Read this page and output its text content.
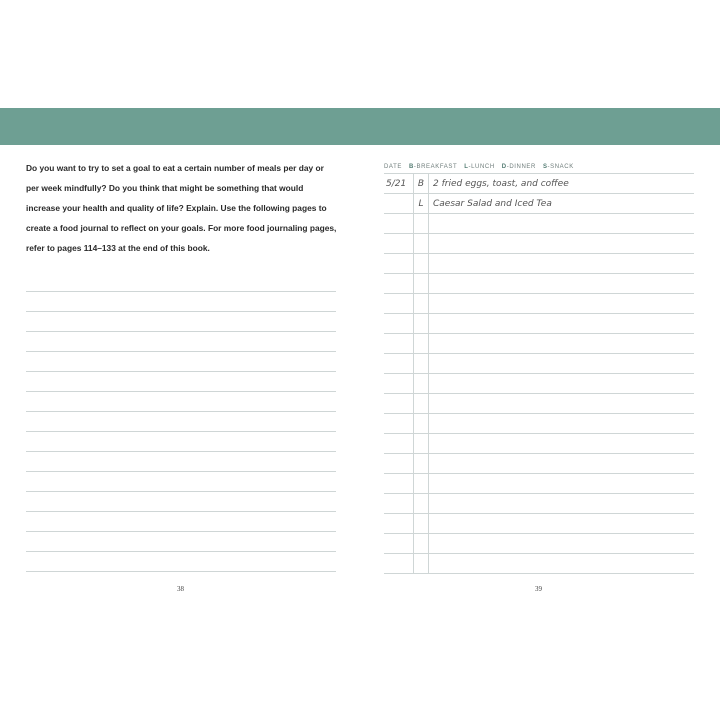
Do you want to try to set a goal to eat a certain number of meals per day or per week mindfully? Do you think that might be something that would increase your health and quality of life? Explain. Use the following pages to create a food journal to reflect on your goals. For more food journaling pages, refer to pages 114–133 at the end of this book.

38
DATE B-BREAKFAST L-LUNCH D-DINNER S-SNACK
5/21	B 2 fried eggs, toast, and coffee
L	Caesar Salad and Iced Tea
39
